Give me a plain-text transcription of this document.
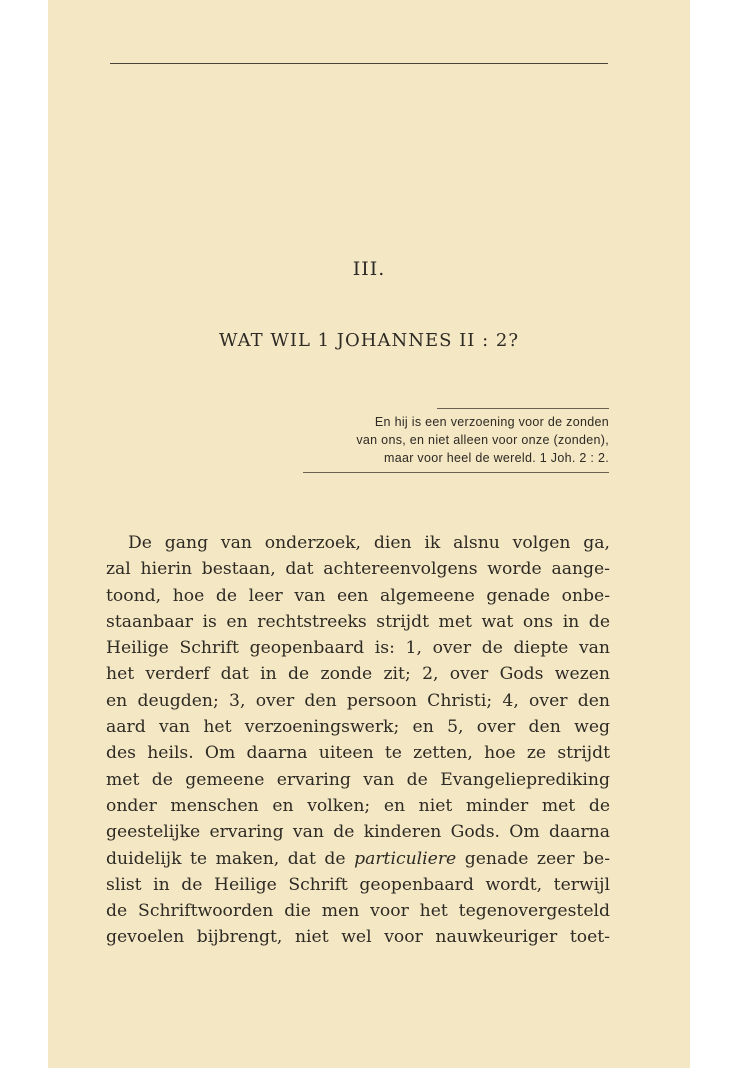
III.
WAT WIL 1 JOHANNES II : 2?
En hij is een verzoening voor de zonden
van ons, en niet alleen voor onze (zonden),
maar voor heel de wereld. 1 Joh. 2 : 2.
De gang van onderzoek, dien ik alsnu volgen ga,
zal hierin bestaan, dat achtereenvolgens worde aange-
toond, hoe de leer van een algemeene genade onbe-
staanbaar is en rechtstreeks strijdt met wat ons in de
Heilige Schrift geopenbaard is: 1, over de diepte van
het verderf dat in de zonde zit; 2, over Gods wezen
en deugden; 3, over den persoon Christi; 4, over den
aard van het verzoeningswerk; en 5, over den weg
des heils. Om daarna uiteen te zetten, hoe ze strijdt
met de gemeene ervaring van de Evangelieprediking
onder menschen en volken; en niet minder met de
geestelijke ervaring van de kinderen Gods. Om daarna
duidelijk te maken, dat de particuliere genade zeer be-
slist in de Heilige Schrift geopenbaard wordt, terwijl
de Schriftwoorden die men voor het tegenovergesteld
gevoelen bijbrengt, niet wel voor nauwkeuriger toet-
